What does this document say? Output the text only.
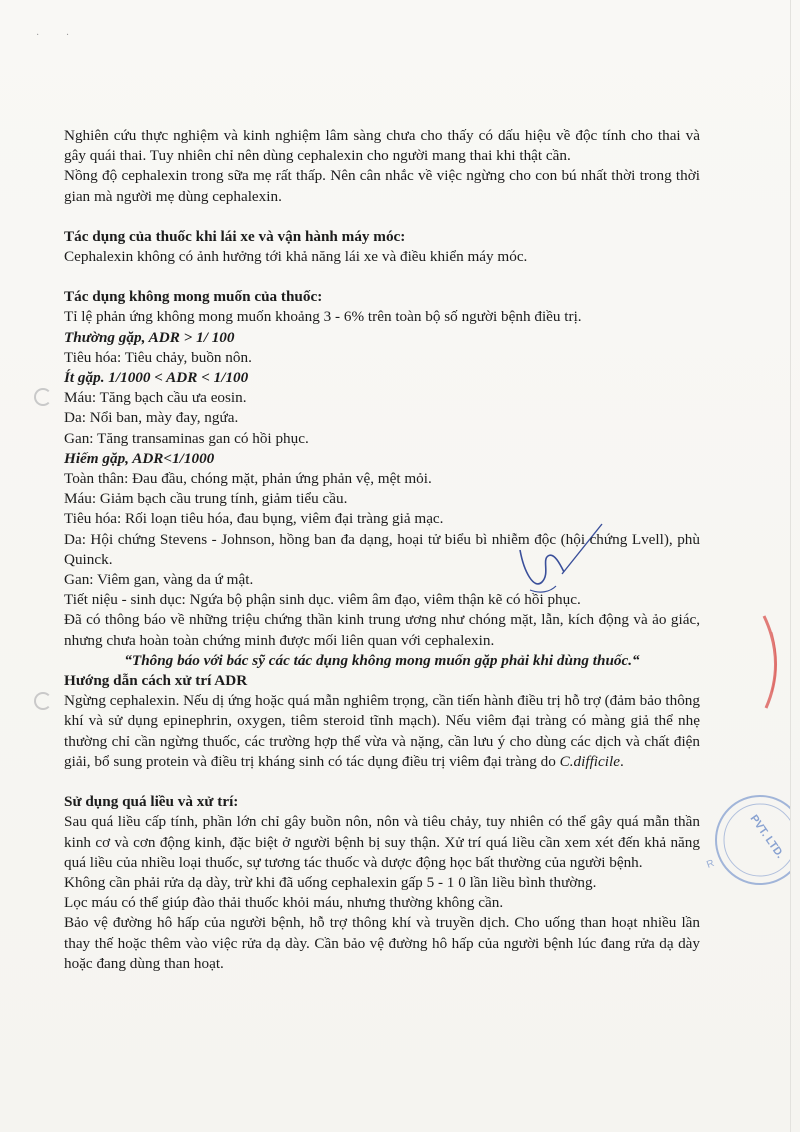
· ·
PVT. LTD.
R

Nghiên cứu thực nghiệm và kinh nghiệm lâm sàng chưa cho thấy có dấu hiệu về độc tính cho thai và gây quái thai. Tuy nhiên chỉ nên dùng cephalexin cho người mang thai khi thật cần.

Nồng độ cephalexin trong sữa mẹ rất thấp. Nên cân nhắc về việc ngừng cho con bú nhất thời trong thời gian mà người mẹ dùng cephalexin.

Tác dụng của thuốc khi lái xe và vận hành máy móc:

Cephalexin không có ảnh hưởng tới khả năng lái xe và điều khiển máy móc.

Tác dụng không mong muốn của thuốc:

Tỉ lệ phản ứng không mong muốn khoảng 3 - 6% trên toàn bộ số người bệnh điều trị.

Thường gặp, ADR > 1/ 100

Tiêu hóa: Tiêu chảy, buồn nôn.

Ít gặp. 1/1000 < ADR < 1/100

Máu: Tăng bạch cầu ưa eosin.

Da: Nổi ban, mày đay, ngứa.

Gan: Tăng transaminas gan có hồi phục.

Hiếm gặp, ADR<1/1000

Toàn thân: Đau đầu, chóng mặt, phản ứng phản vệ, mệt mỏi.

Máu: Giảm bạch cầu trung tính, giảm tiểu cầu.

Tiêu hóa: Rối loạn tiêu hóa, đau bụng, viêm đại tràng giả mạc.

Da: Hội chứng Stevens - Johnson, hồng ban đa dạng, hoại tử biểu bì nhiễm độc (hội chứng Lvell), phù Quinck.

Gan: Viêm gan, vàng da ứ mật.

Tiết niệu - sinh dục: Ngứa bộ phận sinh dục. viêm âm đạo, viêm thận kẽ có hồi phục.

Đã có thông báo về những triệu chứng thần kinh trung ương như chóng mặt, lẫn, kích động và ảo giác, nhưng chưa hoàn toàn chứng minh được mối liên quan với cephalexin.

“Thông báo với bác sỹ các tác dụng không mong muốn gặp phải khi dùng thuốc.“

Hướng dẫn cách xử trí ADR

Ngừng cephalexin. Nếu dị ứng hoặc quá mẫn nghiêm trọng, cần tiến hành điều trị hỗ trợ (đảm bảo thông khí và sử dụng epinephrin, oxygen, tiêm steroid tĩnh mạch). Nếu viêm đại tràng có màng giả thể nhẹ thường chỉ cần ngừng thuốc, các trường hợp thể vừa và nặng, cần lưu ý cho dùng các dịch và chất điện giải, bổ sung protein và điều trị kháng sinh có tác dụng điều trị viêm đại tràng do C.difficile.

Sử dụng quá liều và xử trí:

Sau quá liều cấp tính, phần lớn chỉ gây buồn nôn, nôn và tiêu chảy, tuy nhiên có thể gây quá mẫn thần kinh cơ và cơn động kinh, đặc biệt ở người bệnh bị suy thận. Xử trí quá liều cần xem xét đến khả năng quá liều của nhiều loại thuốc, sự tương tác thuốc và dược động học bất thường của người bệnh.

Không cần phải rửa dạ dày, trừ khi đã uống cephalexin gấp 5 - 1 0 lần liều bình thường.

Lọc máu có thể giúp đào thải thuốc khỏi máu, nhưng thường không cần.

Bảo vệ đường hô hấp của người bệnh, hỗ trợ thông khí và truyền dịch. Cho uống than hoạt nhiều lần thay thế hoặc thêm vào việc rửa dạ dày. Cần bảo vệ đường hô hấp của người bệnh lúc đang rửa dạ dày hoặc đang dùng than hoạt.
